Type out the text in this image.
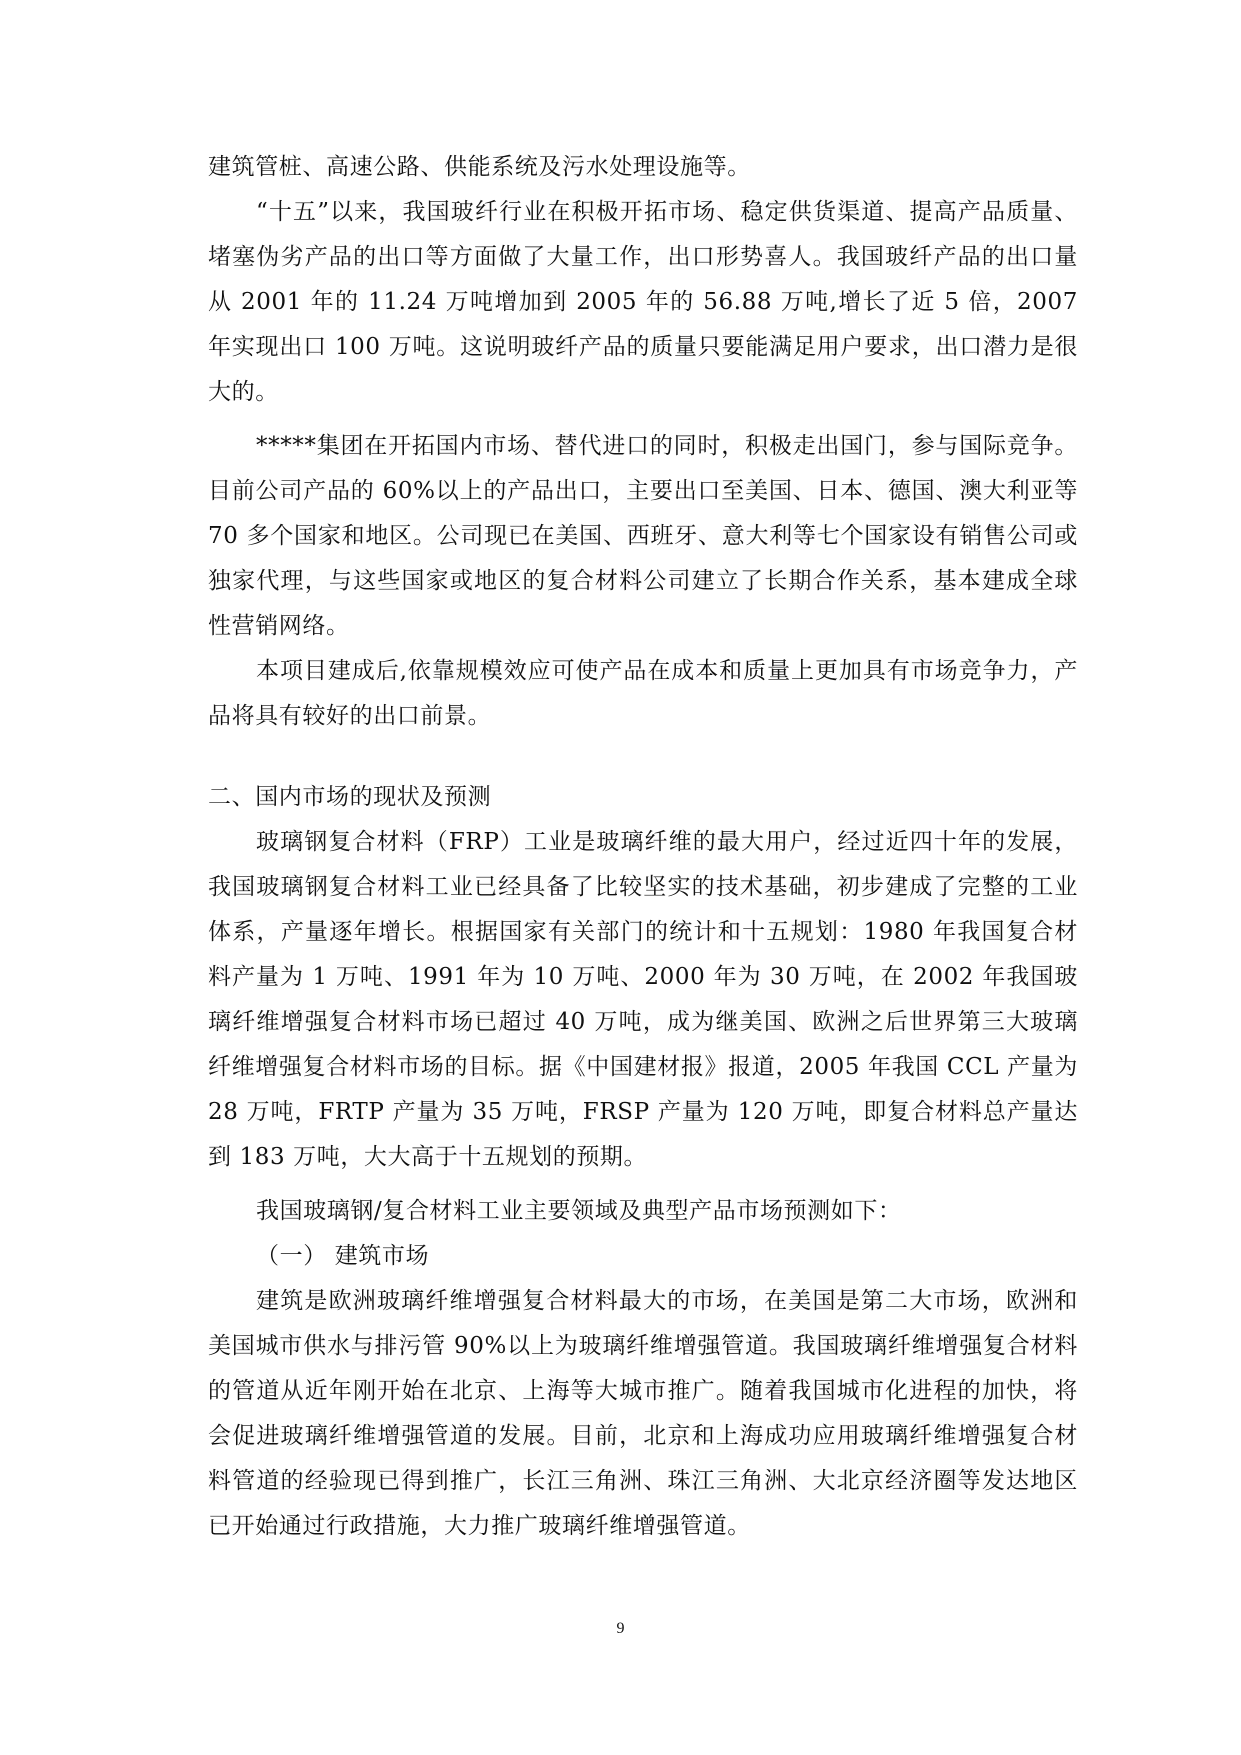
建筑管桩、高速公路、供能系统及污水处理设施等。

“十五”以来，我国玻纤行业在积极开拓市场、稳定供货渠道、提高产品质量、堵塞伪劣产品的出口等方面做了大量工作，出口形势喜人。我国玻纤产品的出口量从 2001 年的 11.24 万吨增加到 2005 年的 56.88 万吨,增长了近 5 倍，2007 年实现出口 100 万吨。这说明玻纤产品的质量只要能满足用户要求，出口潜力是很大的。

*****集团在开拓国内市场、替代进口的同时，积极走出国门，参与国际竞争。目前公司产品的 60%以上的产品出口，主要出口至美国、日本、德国、澳大利亚等 70 多个国家和地区。公司现已在美国、西班牙、意大利等七个国家设有销售公司或独家代理，与这些国家或地区的复合材料公司建立了长期合作关系，基本建成全球性营销网络。

本项目建成后,依靠规模效应可使产品在成本和质量上更加具有市场竞争力，产品将具有较好的出口前景。

二、国内市场的现状及预测

玻璃钢复合材料（FRP）工业是玻璃纤维的最大用户，经过近四十年的发展，我国玻璃钢复合材料工业已经具备了比较坚实的技术基础，初步建成了完整的工业体系，产量逐年增长。根据国家有关部门的统计和十五规划：1980 年我国复合材料产量为 1 万吨、1991 年为 10 万吨、2000 年为 30 万吨，在 2002 年我国玻璃纤维增强复合材料市场已超过 40 万吨，成为继美国、欧洲之后世界第三大玻璃纤维增强复合材料市场的目标。据《中国建材报》报道，2005 年我国 CCL 产量为 28 万吨，FRTP 产量为 35 万吨，FRSP 产量为 120 万吨，即复合材料总产量达到 183 万吨，大大高于十五规划的预期。

我国玻璃钢/复合材料工业主要领域及典型产品市场预测如下：

（一） 建筑市场

建筑是欧洲玻璃纤维增强复合材料最大的市场，在美国是第二大市场，欧洲和美国城市供水与排污管 90%以上为玻璃纤维增强管道。我国玻璃纤维增强复合材料的管道从近年刚开始在北京、上海等大城市推广。随着我国城市化进程的加快，将会促进玻璃纤维增强管道的发展。目前，北京和上海成功应用玻璃纤维增强复合材料管道的经验现已得到推广，长江三角洲、珠江三角洲、大北京经济圈等发达地区已开始通过行政措施，大力推广玻璃纤维增强管道。

9
